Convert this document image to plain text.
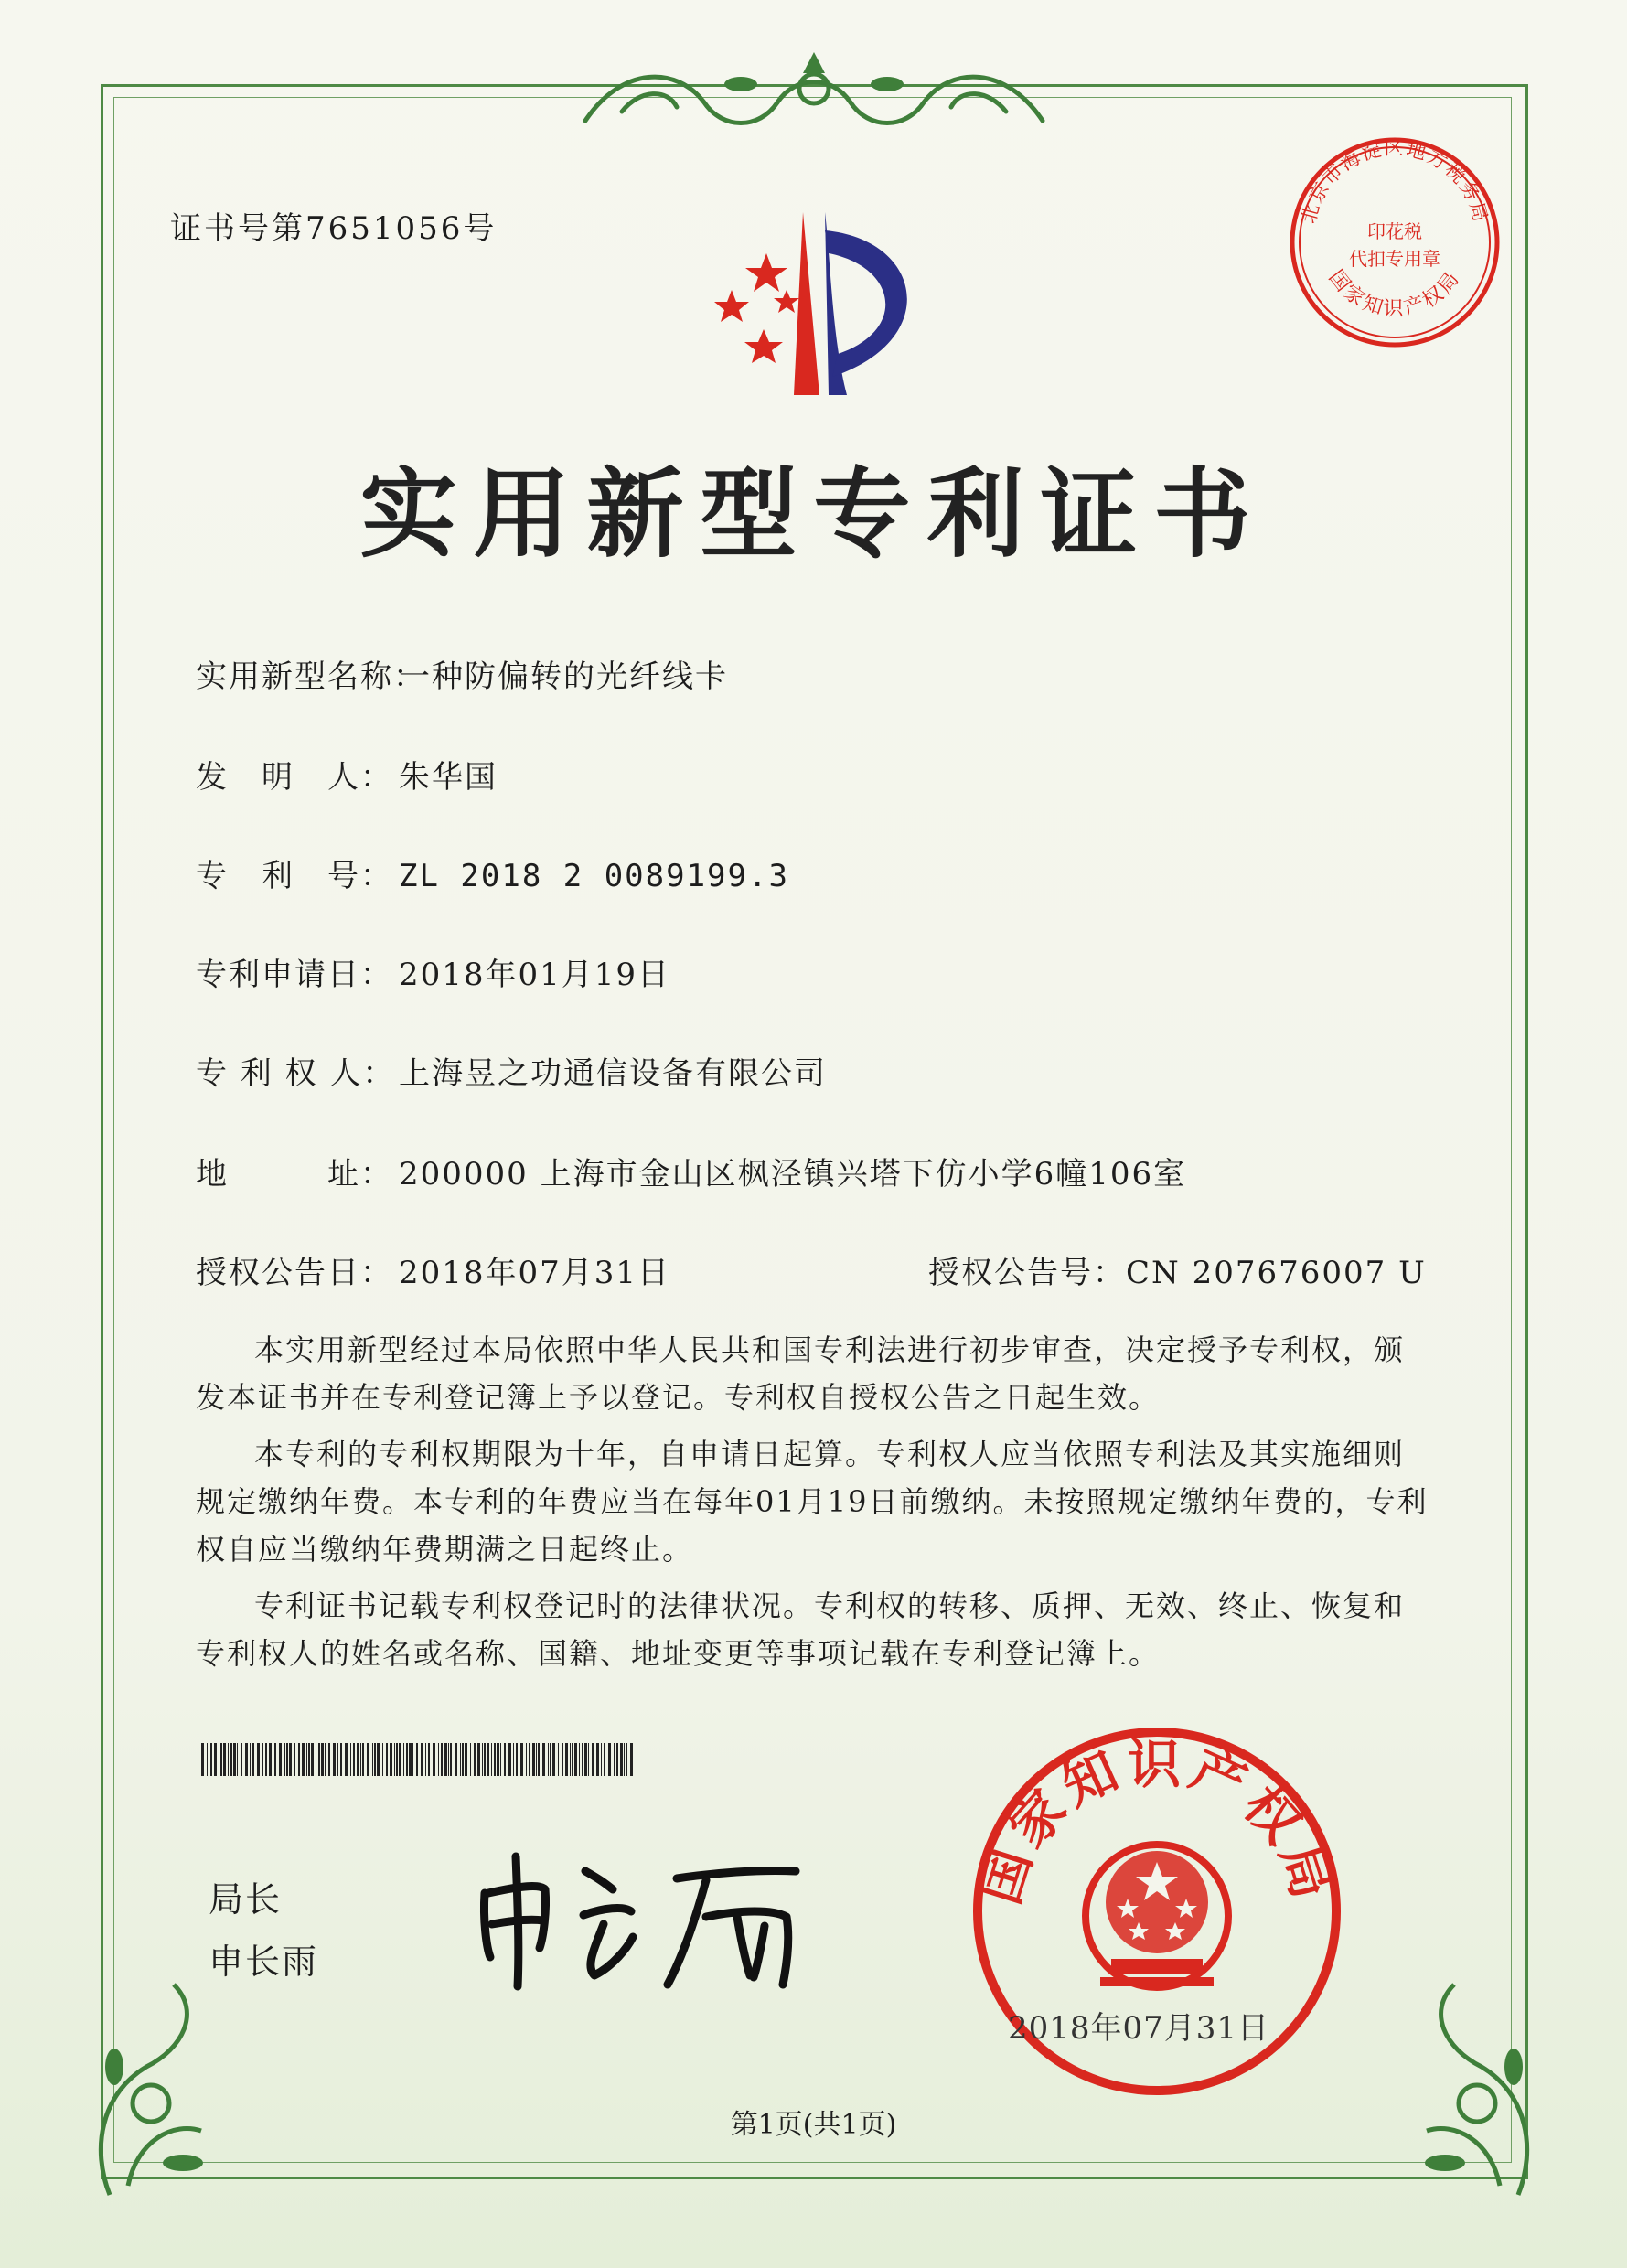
证书号第7651056号	北京市海淀区地方税务局
国家知识产权局
印花税
代扣专用章
实用新型专利证书
实用新型名称：一种防偏转的光纤线卡
发　明　人： 朱华国
专　利　号： ZL 2018 2 0089199.3
专利申请日： 2018年01月19日
专 利 权 人： 上海昱之功通信设备有限公司
地　　　址： 200000 上海市金山区枫泾镇兴塔下仿小学6幢106室
授权公告日： 2018年07月31日	授权公告号：CN 207676007 U

本实用新型经过本局依照中华人民共和国专利法进行初步审查，决定授予专利权，颁发本证书并在专利登记簿上予以登记。专利权自授权公告之日起生效。

本专利的专利权期限为十年，自申请日起算。专利权人应当依照专利法及其实施细则规定缴纳年费。本专利的年费应当在每年01月19日前缴纳。未按照规定缴纳年费的，专利权自应当缴纳年费期满之日起终止。

专利证书记载专利权登记时的法律状况。专利权的转移、质押、无效、终止、恢复和专利权人的姓名或名称、国籍、地址变更等事项记载在专利登记簿上。

局长
申长雨
国家知识产权局
2018年07月31日
第1页(共1页)
